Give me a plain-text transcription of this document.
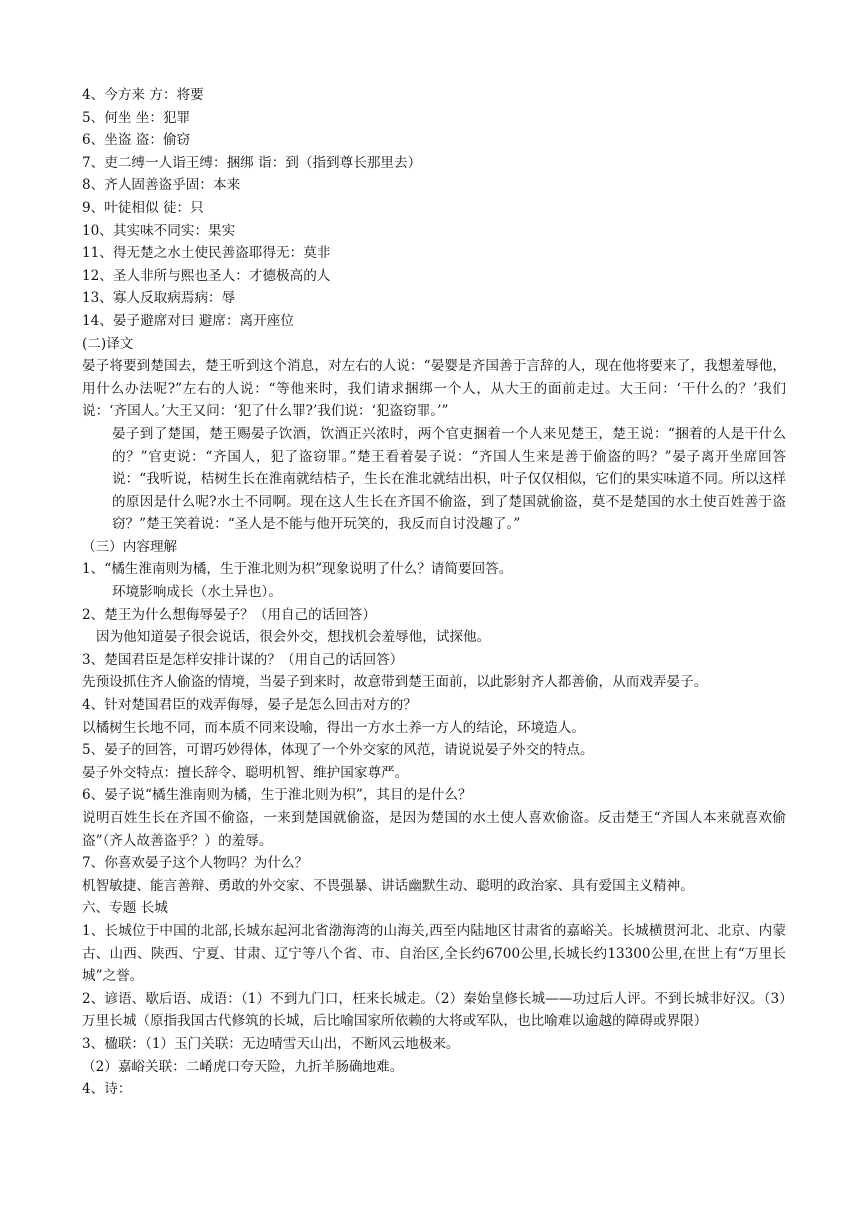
4、今方来 方：将要
5、何坐 坐：犯罪
6、坐盗 盗：偷窃
7、吏二缚一人诣王缚：捆绑 诣：到（指到尊长那里去）
8、齐人固善盗乎固：本来
9、叶徒相似 徒：只
10、其实味不同实：果实
11、得无楚之水土使民善盗耶得无：莫非
12、圣人非所与熙也圣人：才德极高的人
13、寡人反取病焉病：辱
14、晏子避席对曰 避席：离开座位
(二)译文
晏子将要到楚国去，楚王听到这个消息，对左右的人说：“晏婴是齐国善于言辞的人，现在他将要来了，我想羞辱他，用什么办法呢?”左右的人说：“等他来时，我们请求捆绑一个人，从大王的面前走过。大王问：‘干什么的？’我们说：‘齐国人。’大王又问：‘犯了什么罪?’我们说：‘犯盗窃罪。’”
晏子到了楚国，楚王赐晏子饮酒，饮酒正兴浓时，两个官吏捆着一个人来见楚王，楚王说：“捆着的人是干什么的？”官吏说：“齐国人，犯了盗窃罪。”楚王看着晏子说：“齐国人生来是善于偷盗的吗？”晏子离开坐席回答说：“我听说，桔树生长在淮南就结桔子，生长在淮北就结出枳，叶子仅仅相似，它们的果实味道不同。所以这样的原因是什么呢?水土不同啊。现在这人生长在齐国不偷盗，到了楚国就偷盗，莫不是楚国的水土使百姓善于盗窃？”楚王笑着说：“圣人是不能与他开玩笑的，我反而自讨没趣了。”
（三）内容理解
1、“橘生淮南则为橘，生于淮北则为枳”现象说明了什么？请简要回答。
环境影响成长（水土异也）。
2、楚王为什么想侮辱晏子？（用自己的话回答）
因为他知道晏子很会说话，很会外交，想找机会羞辱他，试探他。
3、楚国君臣是怎样安排计谋的？（用自己的话回答）
先预设抓住齐人偷盗的情境，当晏子到来时，故意带到楚王面前，以此影射齐人都善偷，从而戏弄晏子。
4、针对楚国君臣的戏弄侮辱，晏子是怎么回击对方的？
以橘树生长地不同，而本质不同来设喻，得出一方水土养一方人的结论，环境造人。
5、晏子的回答，可谓巧妙得体，体现了一个外交家的风范，请说说晏子外交的特点。
晏子外交特点：擅长辞令、聪明机智、维护国家尊严。
6、晏子说“橘生淮南则为橘，生于淮北则为枳”，其目的是什么？
说明百姓生长在齐国不偷盗，一来到楚国就偷盗，是因为楚国的水土使人喜欢偷盗。反击楚王“齐国人本来就喜欢偷盗”（齐人故善盗乎？）的羞辱。
7、你喜欢晏子这个人物吗？为什么？
机智敏捷、能言善辩、勇敢的外交家、不畏强暴、讲话幽默生动、聪明的政治家、具有爱国主义精神。
六、专题 长城
1、长城位于中国的北部,长城东起河北省渤海湾的山海关,西至内陆地区甘肃省的嘉峪关。长城横贯河北、北京、内蒙古、山西、陕西、宁夏、甘肃、辽宁等八个省、市、自治区,全长约6700公里,长城长约13300公里,在世上有“万里长城”之誉。
2、谚语、歇后语、成语：（1）不到九门口，枉来长城走。（2）秦始皇修长城——功过后人评。不到长城非好汉。（3）万里长城（原指我国古代修筑的长城，后比喻国家所依赖的大将或军队，也比喻难以逾越的障碍或界限）
3、楹联：（1）玉门关联：无边晴雪天山出，不断风云地极来。
（2）嘉峪关联：二崤虎口夸天险，九折羊肠确地难。
4、诗：
